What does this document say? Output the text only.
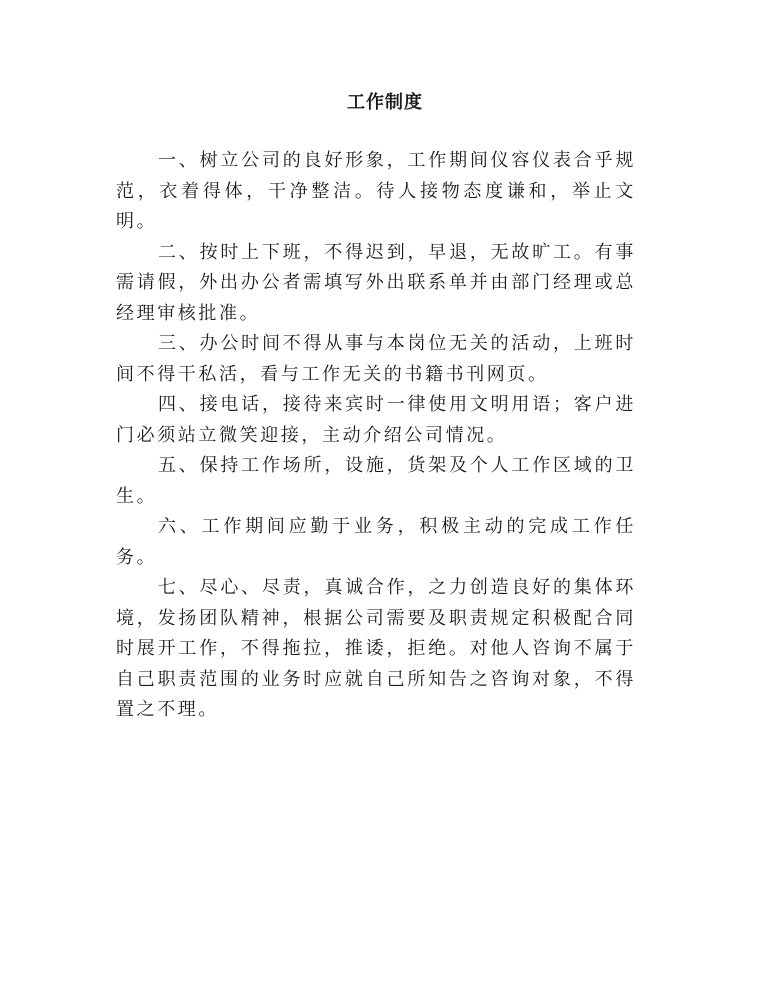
工作制度

一、树立公司的良好形象，工作期间仪容仪表合乎规范，衣着得体，干净整洁。待人接物态度谦和，举止文明。

二、按时上下班，不得迟到，早退，无故旷工。有事需请假，外出办公者需填写外出联系单并由部门经理或总经理审核批准。

三、办公时间不得从事与本岗位无关的活动，上班时间不得干私活，看与工作无关的书籍书刊网页。

四、接电话，接待来宾时一律使用文明用语；客户进门必须站立微笑迎接，主动介绍公司情况。

五、保持工作场所，设施，货架及个人工作区域的卫生。

六、工作期间应勤于业务，积极主动的完成工作任务。

七、尽心、尽责，真诚合作，之力创造良好的集体环境，发扬团队精神，根据公司需要及职责规定积极配合同时展开工作，不得拖拉，推诿，拒绝。对他人咨询不属于自己职责范围的业务时应就自己所知告之咨询对象，不得置之不理。
